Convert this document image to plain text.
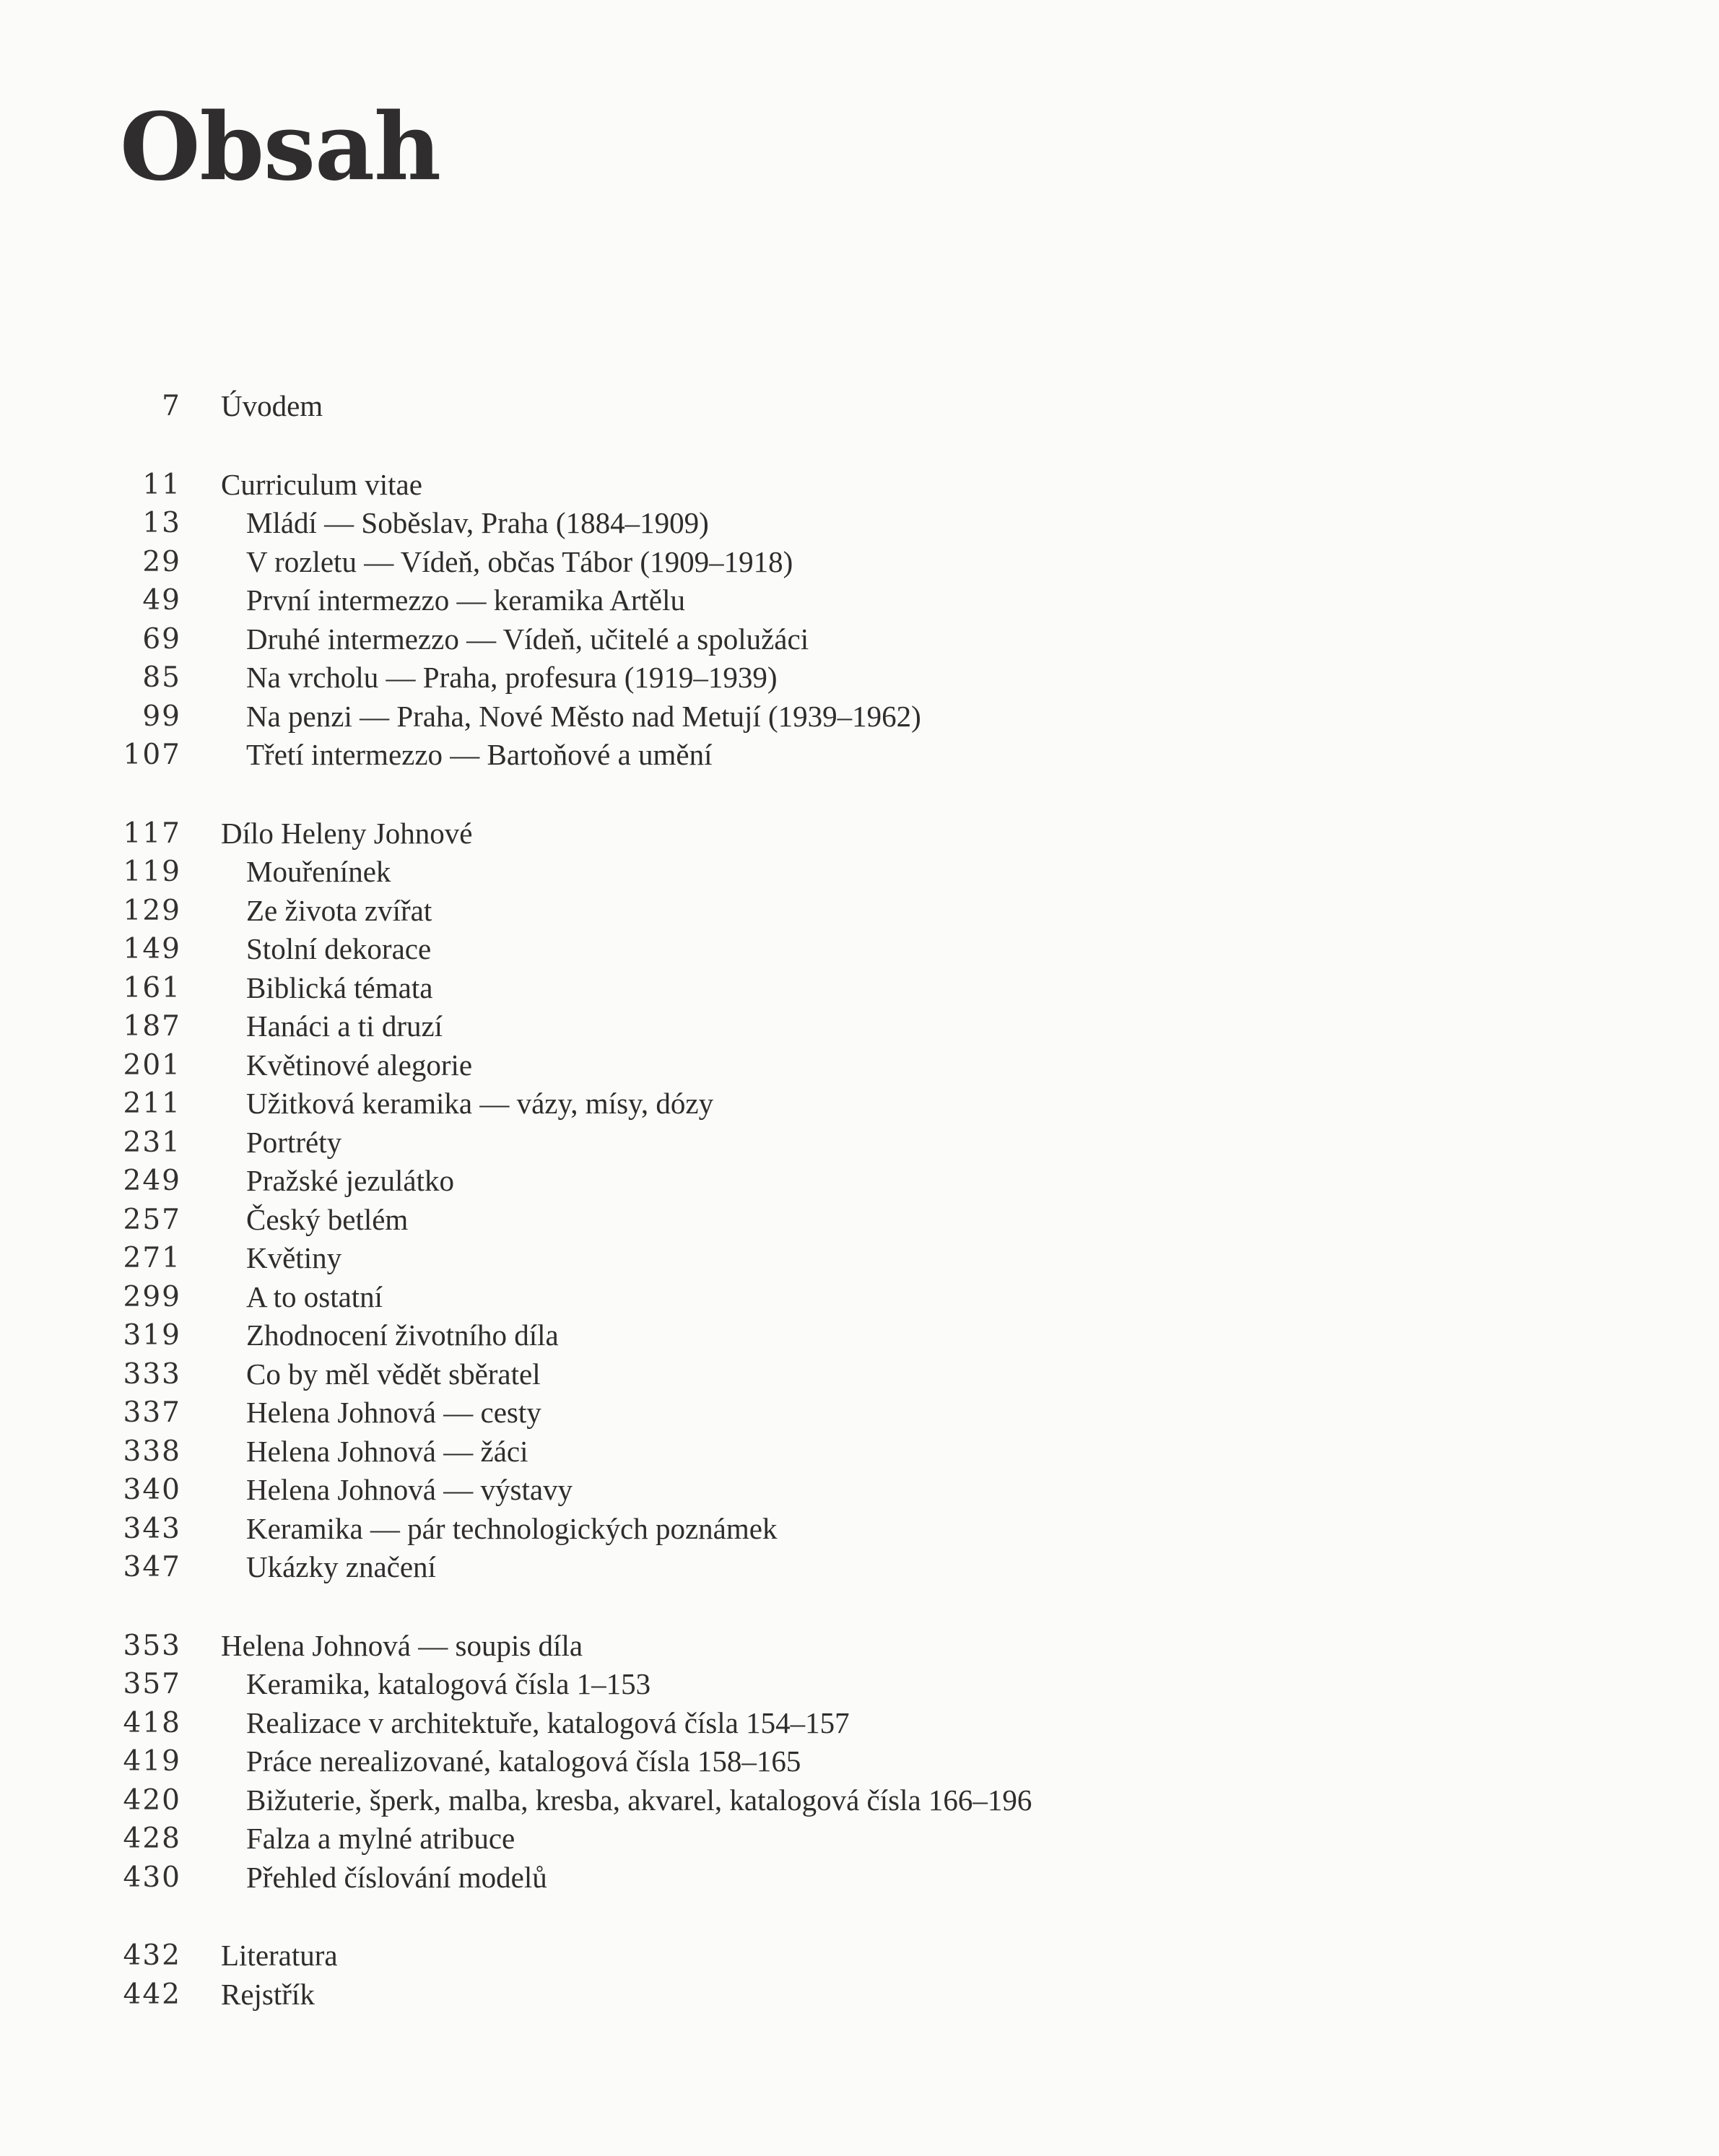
Obsah
7 Úvodem
11 Curriculum vitae
13 Mládí — Soběslav, Praha (1884–1909)
29 V rozletu — Vídeň, občas Tábor (1909–1918)
49 První intermezzo — keramika Artělu
69 Druhé intermezzo — Vídeň, učitelé a spolužáci
85 Na vrcholu — Praha, profesura (1919–1939)
99 Na penzi — Praha, Nové Město nad Metují (1939–1962)
107 Třetí intermezzo — Bartoňové a umění
117 Dílo Heleny Johnové
119 Mouřenínek
129 Ze života zvířat
149 Stolní dekorace
161 Biblická témata
187 Hanáci a ti druzí
201 Květinové alegorie
211 Užitková keramika — vázy, mísy, dózy
231 Portréty
249 Pražské jezulátko
257 Český betlém
271 Květiny
299 A to ostatní
319 Zhodnocení životního díla
333 Co by měl vědět sběratel
337 Helena Johnová — cesty
338 Helena Johnová — žáci
340 Helena Johnová — výstavy
343 Keramika — pár technologických poznámek
347 Ukázky značení
353 Helena Johnová — soupis díla
357 Keramika, katalogová čísla 1–153
418 Realizace v architektuře, katalogová čísla 154–157
419 Práce nerealizované, katalogová čísla 158–165
420 Bižuterie, šperk, malba, kresba, akvarel, katalogová čísla 166–196
428 Falza a mylné atribuce
430 Přehled číslování modelů
432 Literatura
442 Rejstřík
